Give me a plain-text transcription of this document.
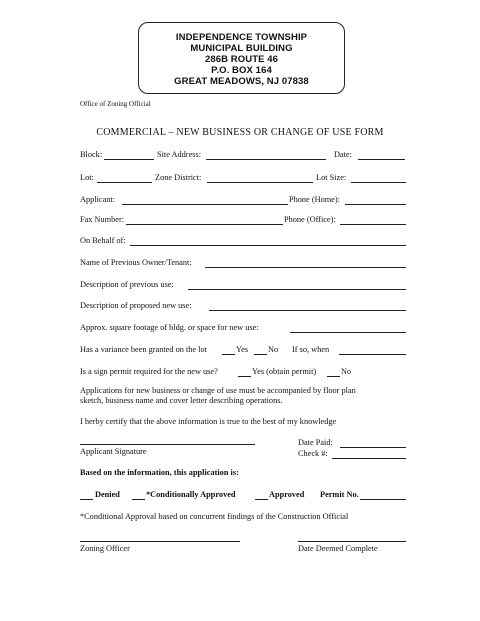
INDEPENDENCE TOWNSHIP
MUNICIPAL BUILDING
286B ROUTE 46
P.O. BOX 164
GREAT MEADOWS, NJ 07838
Office of Zoning Official
COMMERCIAL – NEW BUSINESS OR CHANGE OF USE FORM
Block:	Site Address:	Date:
Lot:	Zone District:	Lot Size:
Applicant:	Phone (Home):
Fax Number:	Phone (Office):
On Behalf of:
Name of Previous Owner/Tenant:
Description of previous use:
Description of proposed new use:
Approx. square footage of bldg. or space for new use:
Has a variance been granted on the lot	Yes No If so, when
Is a sign permit required for the new use?	Yes (obtain permit)	No
Applications for new business or change of use must be accompanied by floor plan
sketch, business name and cover letter describing operations.
I herby certify that the above information is true to the best of my knowledge
Applicant Signature
Date Paid:
Check #:
Based on the information, this application is:
Denied	*Conditionally Approved	Approved Permit No.
*Conditional Approval based on concurrent findings of the Construction Official
Zoning Officer	Date Deemed Complete
